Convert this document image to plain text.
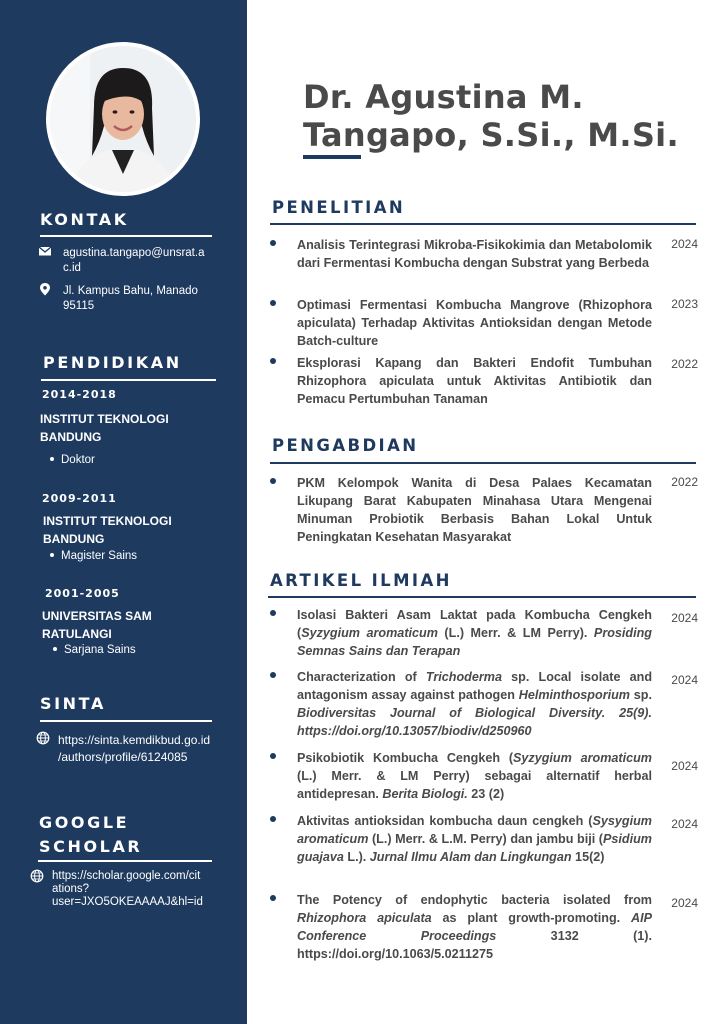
KONTAK
agustina.tangapo@unsrat.a
c.id
Jl. Kampus Bahu, Manado
95115
PENDIDIKAN
2014-2018
INSTITUT TEKNOLOGI
BANDUNG
Doktor
2009-2011
INSTITUT TEKNOLOGI
BANDUNG
Magister Sains
2001-2005
UNIVERSITAS SAM
RATULANGI
Sarjana Sains
SINTA
https://sinta.kemdikbud.go.id
/authors/profile/6124085
GOOGLE
SCHOLAR
https://scholar.google.com/cit
ations?
user=JXO5OKEAAAAJ&hl=id
Dr. Agustina M.
Tangapo, S.Si., M.Si.
PENELITIAN
Analisis Terintegrasi Mikroba-Fisikokimia dan Metabolomik dari Fermentasi Kombucha dengan Substrat yang Berbeda
2024
Optimasi Fermentasi Kombucha Mangrove (Rhizophora apiculata) Terhadap Aktivitas Antioksidan dengan Metode Batch-culture
2023
Eksplorasi Kapang dan Bakteri Endofit Tumbuhan Rhizophora apiculata untuk Aktivitas Antibiotik dan Pemacu Pertumbuhan Tanaman
2022
PENGABDIAN
PKM Kelompok Wanita di Desa Palaes Kecamatan Likupang Barat Kabupaten Minahasa Utara Mengenai Minuman Probiotik Berbasis Bahan Lokal Untuk Peningkatan Kesehatan Masyarakat
2022
ARTIKEL ILMIAH
Isolasi Bakteri Asam Laktat pada Kombucha Cengkeh (Syzygium aromaticum (L.) Merr. & LM Perry). Prosiding Semnas Sains dan Terapan
2024
Characterization of Trichoderma sp. Local isolate and antagonism assay against pathogen Helminthosporium sp. Biodiversitas Journal of Biological Diversity. 25(9). https://doi.org/10.13057/biodiv/d250960
2024
Psikobiotik Kombucha Cengkeh (Syzygium aromaticum (L.) Merr. & LM Perry) sebagai alternatif herbal antidepresan. Berita Biologi. 23 (2)
2024
Aktivitas antioksidan kombucha daun cengkeh (Sysygium aromaticum (L.) Merr. & L.M. Perry) dan jambu biji (Psidium guajava L.). Jurnal Ilmu Alam dan Lingkungan 15(2)
2024
The Potency of endophytic bacteria isolated from Rhizophora apiculata as plant growth-promoting. AIP Conference Proceedings 3132 (1). https://doi.org/10.1063/5.0211275
2024
